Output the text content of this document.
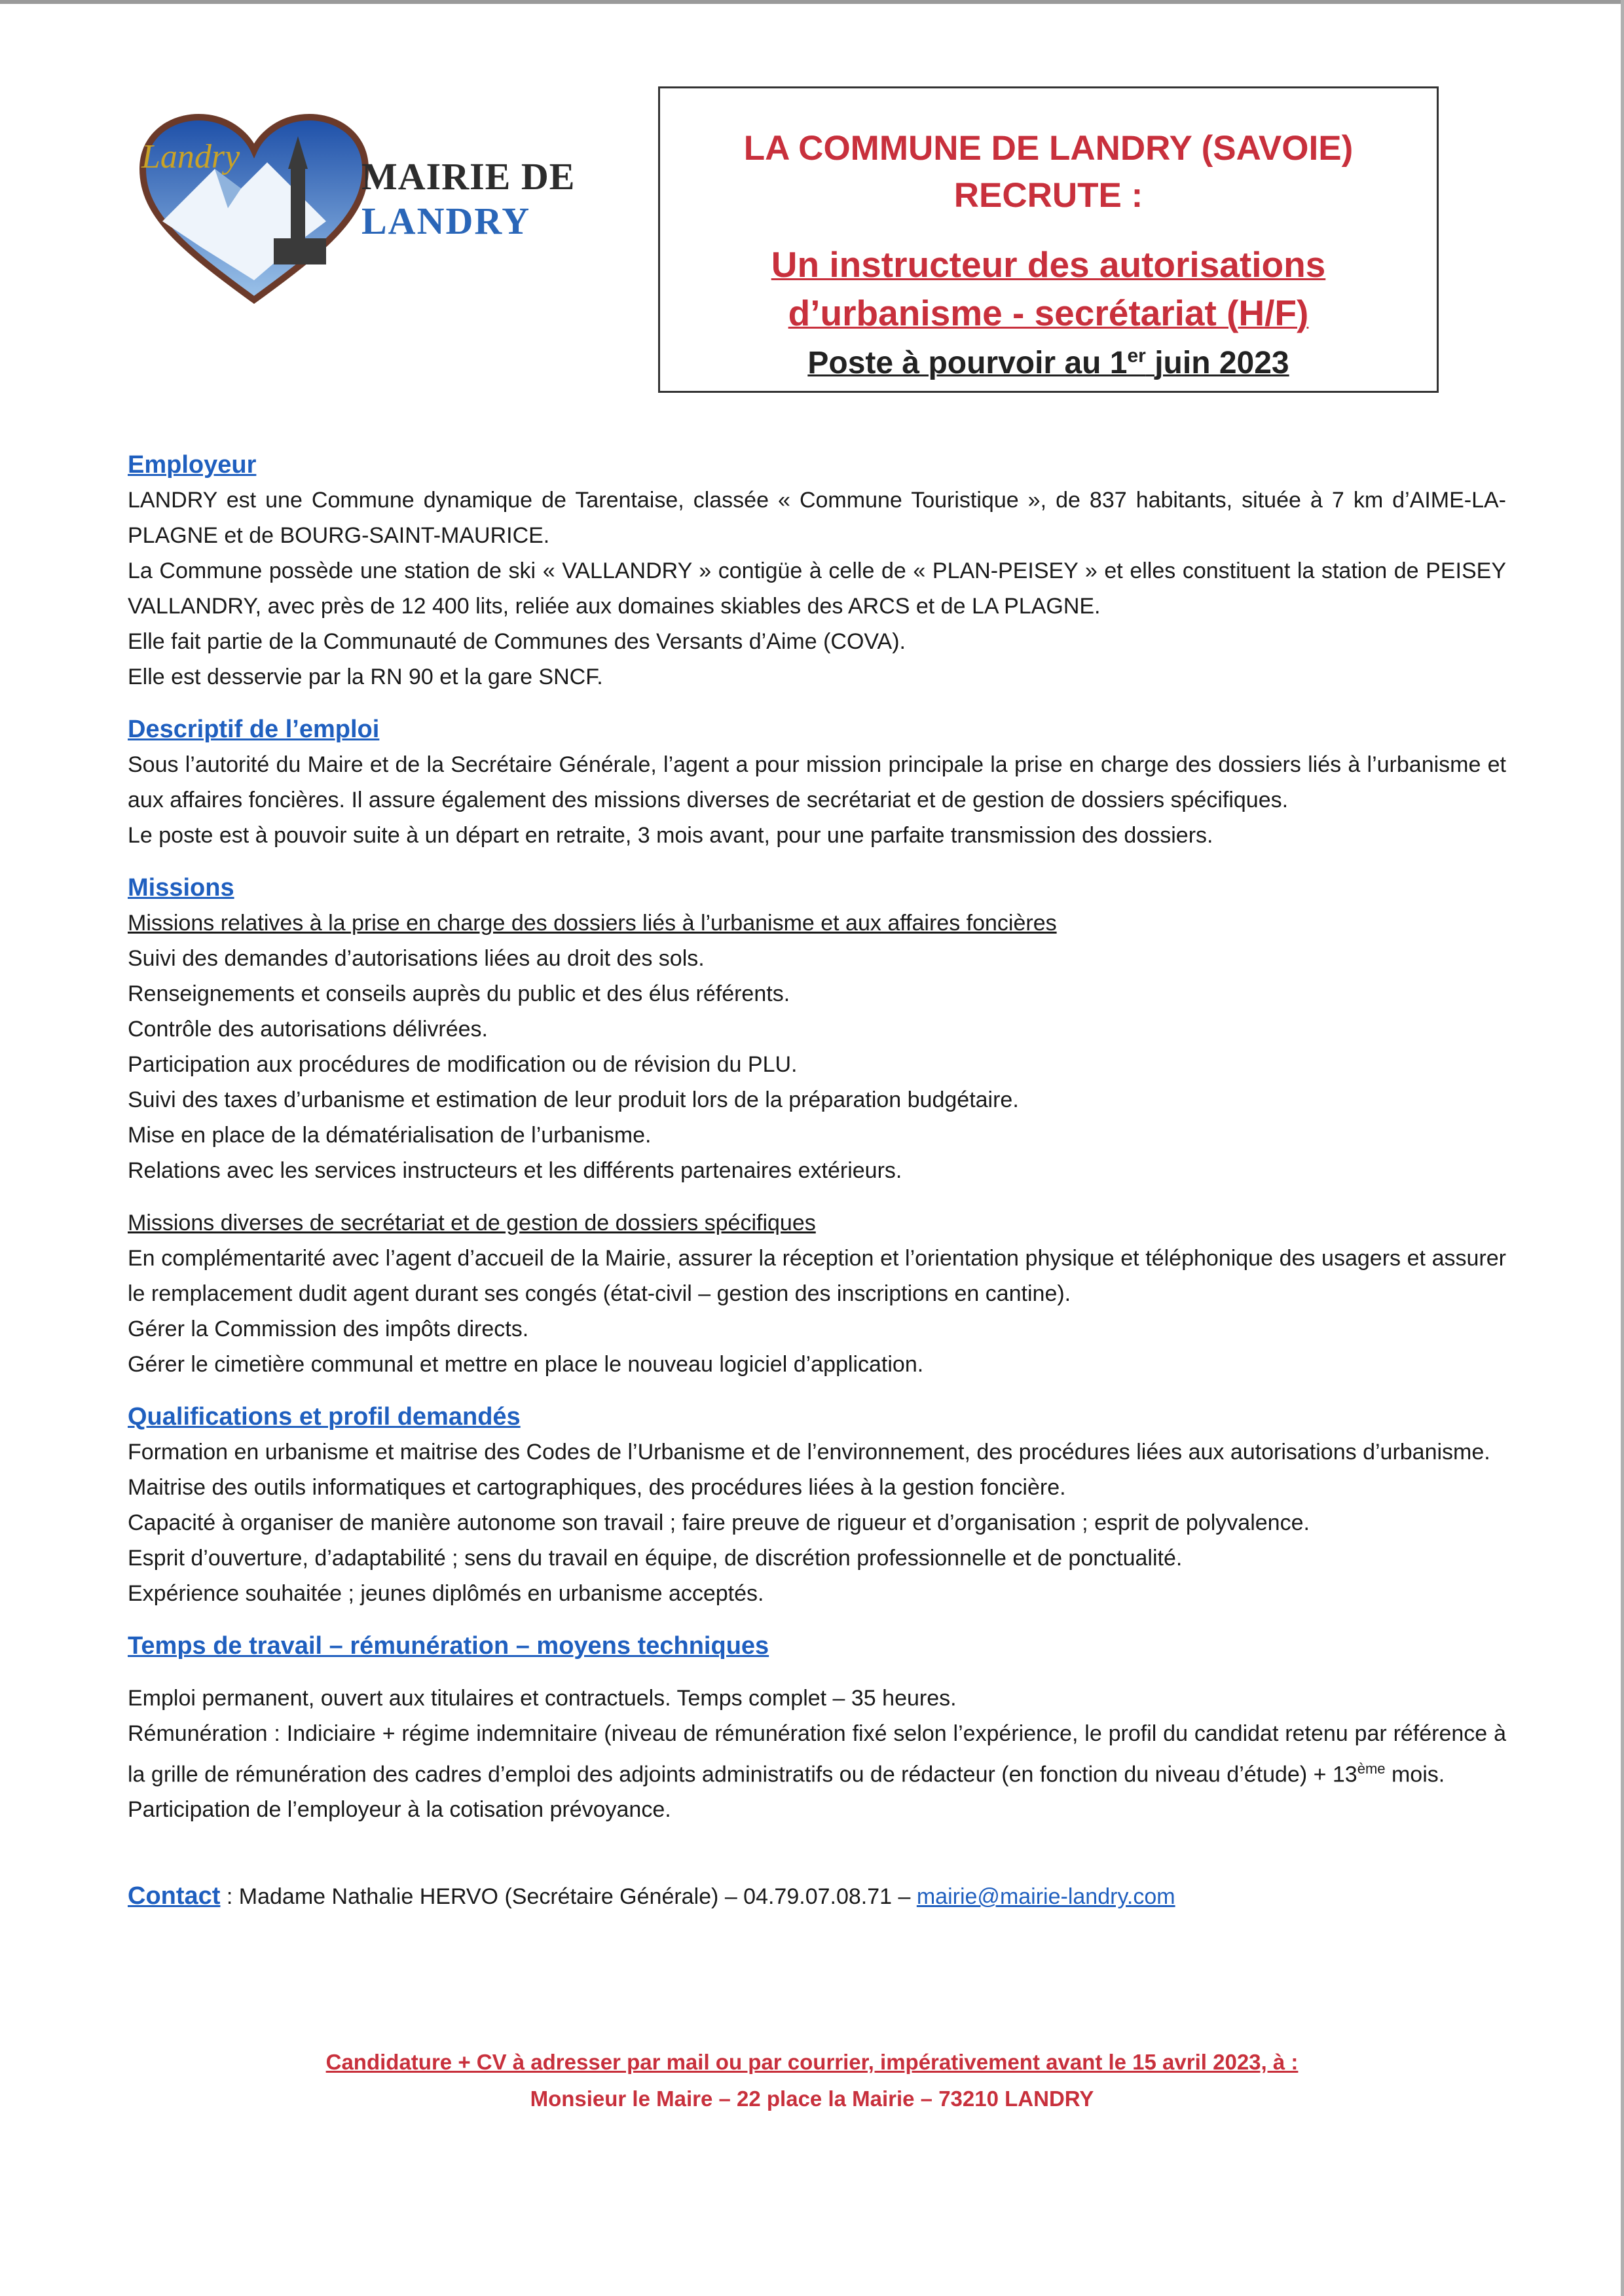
Landry	MAIRIE DE
LANDRY
LA COMMUNE DE LANDRY (SAVOIE)
RECRUTE :
Un instructeur des autorisations
d’urbanisme - secrétariat (H/F)
Poste à pourvoir au 1er juin 2023

Employeur

LANDRY est une Commune dynamique de Tarentaise, classée « Commune Touristique », de 837 habitants, située à 7 km d’AIME-LA-PLAGNE et de BOURG-SAINT-MAURICE.

La Commune possède une station de ski « VALLANDRY » contigüe à celle de « PLAN-PEISEY » et elles constituent la station de PEISEY VALLANDRY, avec près de 12 400 lits, reliée aux domaines skiables des ARCS et de LA PLAGNE.

Elle fait partie de la Communauté de Communes des Versants d’Aime (COVA).

Elle est desservie par la RN 90 et la gare SNCF.

Descriptif de l’emploi

Sous l’autorité du Maire et de la Secrétaire Générale, l’agent a pour mission principale la prise en charge des dossiers liés à l’urbanisme et aux affaires foncières. Il assure également des missions diverses de secrétariat et de gestion de dossiers spécifiques.

Le poste est à pouvoir suite à un départ en retraite, 3 mois avant, pour une parfaite transmission des dossiers.

Missions

Missions relatives à la prise en charge des dossiers liés à l’urbanisme et aux affaires foncières

Suivi des demandes d’autorisations liées au droit des sols.

Renseignements et conseils auprès du public et des élus référents.

Contrôle des autorisations délivrées.

Participation aux procédures de modification ou de révision du PLU.

Suivi des taxes d’urbanisme et estimation de leur produit lors de la préparation budgétaire.

Mise en place de la dématérialisation de l’urbanisme.

Relations avec les services instructeurs et les différents partenaires extérieurs.

Missions diverses de secrétariat et de gestion de dossiers spécifiques

En complémentarité avec l’agent d’accueil de la Mairie, assurer la réception et l’orientation physique et téléphonique des usagers et assurer le remplacement dudit agent durant ses congés (état-civil – gestion des inscriptions en cantine).

Gérer la Commission des impôts directs.

Gérer le cimetière communal et mettre en place le nouveau logiciel d’application.

Qualifications et profil demandés

Formation en urbanisme et maitrise des Codes de l’Urbanisme et de l’environnement, des procédures liées aux autorisations d’urbanisme.

Maitrise des outils informatiques et cartographiques, des procédures liées à la gestion foncière.

Capacité à organiser de manière autonome son travail ; faire preuve de rigueur et d’organisation ; esprit de polyvalence.

Esprit d’ouverture, d’adaptabilité ; sens du travail en équipe, de discrétion professionnelle et de ponctualité.

Expérience souhaitée ; jeunes diplômés en urbanisme acceptés.

Temps de travail – rémunération – moyens techniques

Emploi permanent, ouvert aux titulaires et contractuels. Temps complet – 35 heures.

Rémunération : Indiciaire + régime indemnitaire (niveau de rémunération fixé selon l’expérience, le profil du candidat retenu par référence à la grille de rémunération des cadres d’emploi des adjoints administratifs ou de rédacteur (en fonction du niveau d’étude) + 13ème mois.

Participation de l’employeur à la cotisation prévoyance.

Contact : Madame Nathalie HERVO (Secrétaire Générale) – 04.79.07.08.71 – mairie@mairie-landry.com

Candidature + CV à adresser par mail ou par courrier, impérativement avant le 15 avril 2023, à :
Monsieur le Maire – 22 place la Mairie – 73210 LANDRY
